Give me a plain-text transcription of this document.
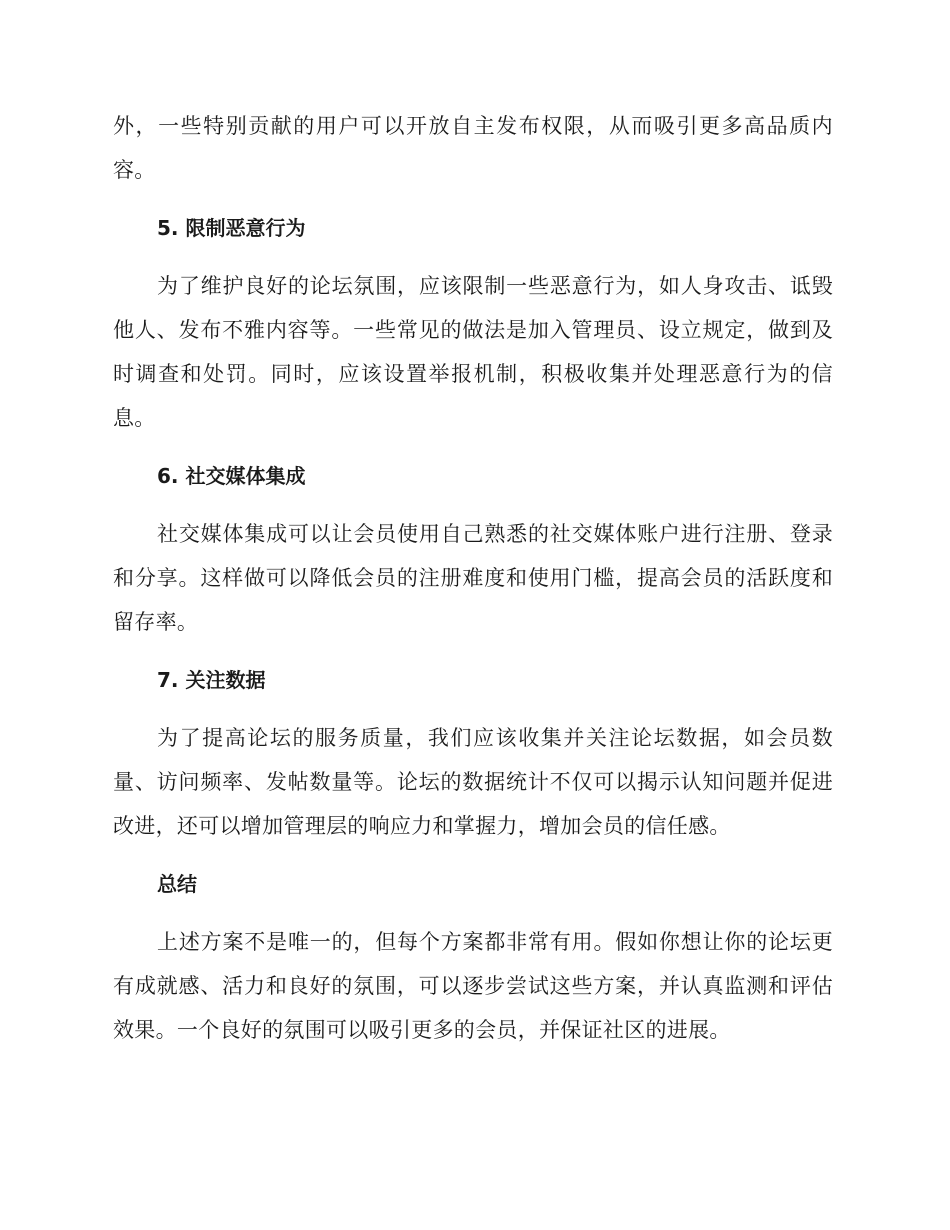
外，一些特别贡献的用户可以开放自主发布权限，从而吸引更多高品质内容。

5. 限制恶意行为

为了维护良好的论坛氛围，应该限制一些恶意行为，如人身攻击、诋毁他人、发布不雅内容等。一些常见的做法是加入管理员、设立规定，做到及时调查和处罚。同时，应该设置举报机制，积极收集并处理恶意行为的信息。

6. 社交媒体集成

社交媒体集成可以让会员使用自己熟悉的社交媒体账户进行注册、登录和分享。这样做可以降低会员的注册难度和使用门槛，提高会员的活跃度和留存率。

7. 关注数据

为了提高论坛的服务质量，我们应该收集并关注论坛数据，如会员数量、访问频率、发帖数量等。论坛的数据统计不仅可以揭示认知问题并促进改进，还可以增加管理层的响应力和掌握力，增加会员的信任感。

总结

上述方案不是唯一的，但每个方案都非常有用。假如你想让你的论坛更有成就感、活力和良好的氛围，可以逐步尝试这些方案，并认真监测和评估效果。一个良好的氛围可以吸引更多的会员，并保证社区的进展。
